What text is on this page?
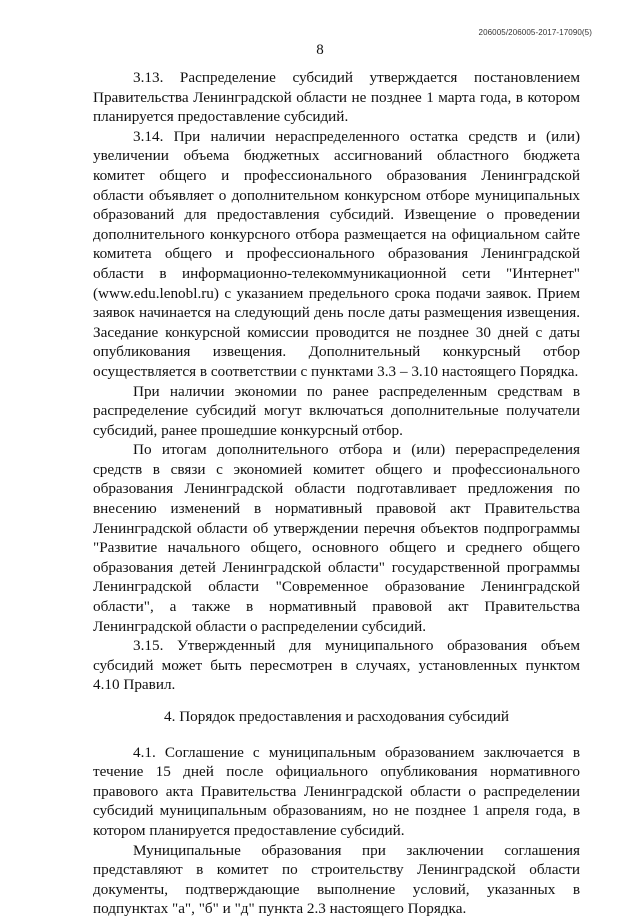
206005/206005-2017-17090(5)
8

3.13. Распределение субсидий утверждается постановлением Правительства Ленинградской области не позднее 1 марта года, в котором планируется предоставление субсидий.

3.14. При наличии нераспределенного остатка средств и (или) увеличении объема бюджетных ассигнований областного бюджета комитет общего и профессионального образования Ленинградской области объявляет о дополнительном конкурсном отборе муниципальных образований для предоставления субсидий. Извещение о проведении дополнительного конкурсного отбора размещается на официальном сайте комитета общего и профессионального образования Ленинградской области в информационно-телекоммуникационной сети "Интернет" (www.edu.lenobl.ru) с указанием предельного срока подачи заявок. Прием заявок начинается на следующий день после даты размещения извещения. Заседание конкурсной комиссии проводится не позднее 30 дней с даты опубликования извещения. Дополнительный конкурсный отбор осуществляется в соответствии с пунктами 3.3 – 3.10 настоящего Порядка.

При наличии экономии по ранее распределенным средствам в распределение субсидий могут включаться дополнительные получатели субсидий, ранее прошедшие конкурсный отбор.

По итогам дополнительного отбора и (или) перераспределения средств в связи с экономией комитет общего и профессионального образования Ленинградской области подготавливает предложения по внесению изменений в нормативный правовой акт Правительства Ленинградской области об утверждении перечня объектов подпрограммы "Развитие начального общего, основного общего и среднего общего образования детей Ленинградской области" государственной программы Ленинградской области "Современное образование Ленинградской области", а также в нормативный правовой акт Правительства Ленинградской области о распределении субсидий.

3.15. Утвержденный для муниципального образования объем субсидий может быть пересмотрен в случаях, установленных пунктом 4.10 Правил.

4. Порядок предоставления и расходования субсидий

4.1. Соглашение с муниципальным образованием заключается в течение 15 дней после официального опубликования нормативного правового акта Правительства Ленинградской области о распределении субсидий муниципальным образованиям, но не позднее 1 апреля года, в котором планируется предоставление субсидий.

Муниципальные образования при заключении соглашения представляют в комитет по строительству Ленинградской области документы, подтверждающие выполнение условий, указанных в подпунктах "а", "б" и "д" пункта 2.3 настоящего Порядка.
